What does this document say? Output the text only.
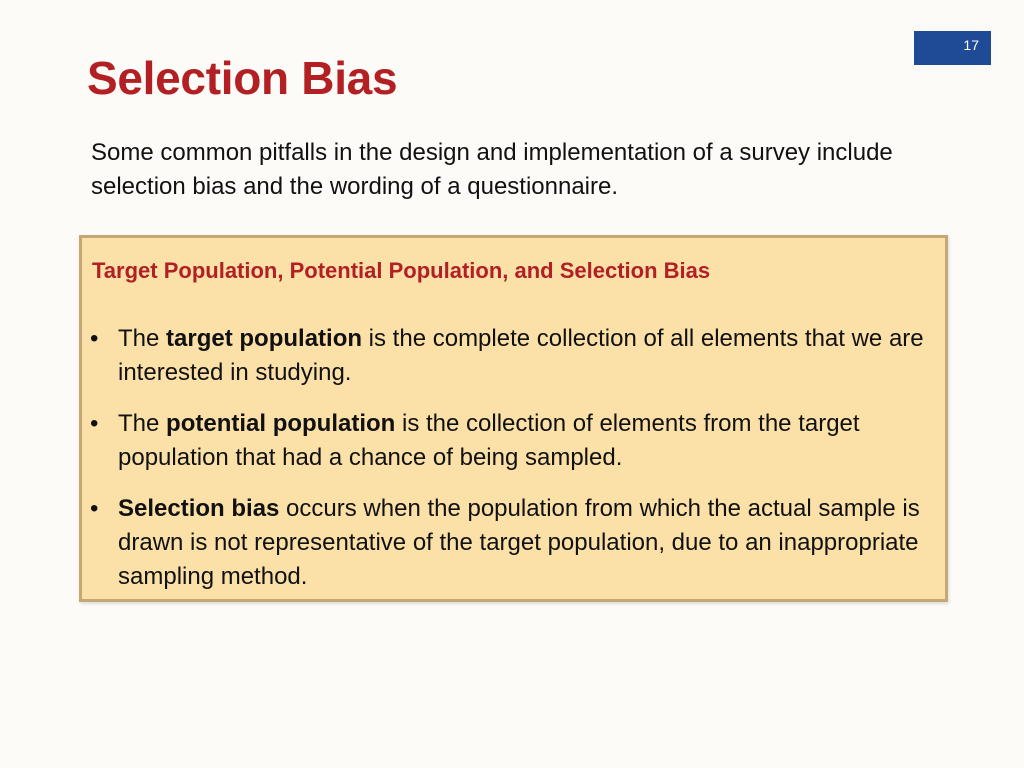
17
Selection Bias

Some common pitfalls in the design and implementation of a survey include selection bias and the wording of a questionnaire.

Target Population, Potential Population, and Selection Bias
• The target population is the complete collection of all elements that we are interested in studying.
• The potential population is the collection of elements from the target population that had a chance of being sampled.
• Selection bias occurs when the population from which the actual sample is drawn is not representative of the target population, due to an inappropriate sampling method.
